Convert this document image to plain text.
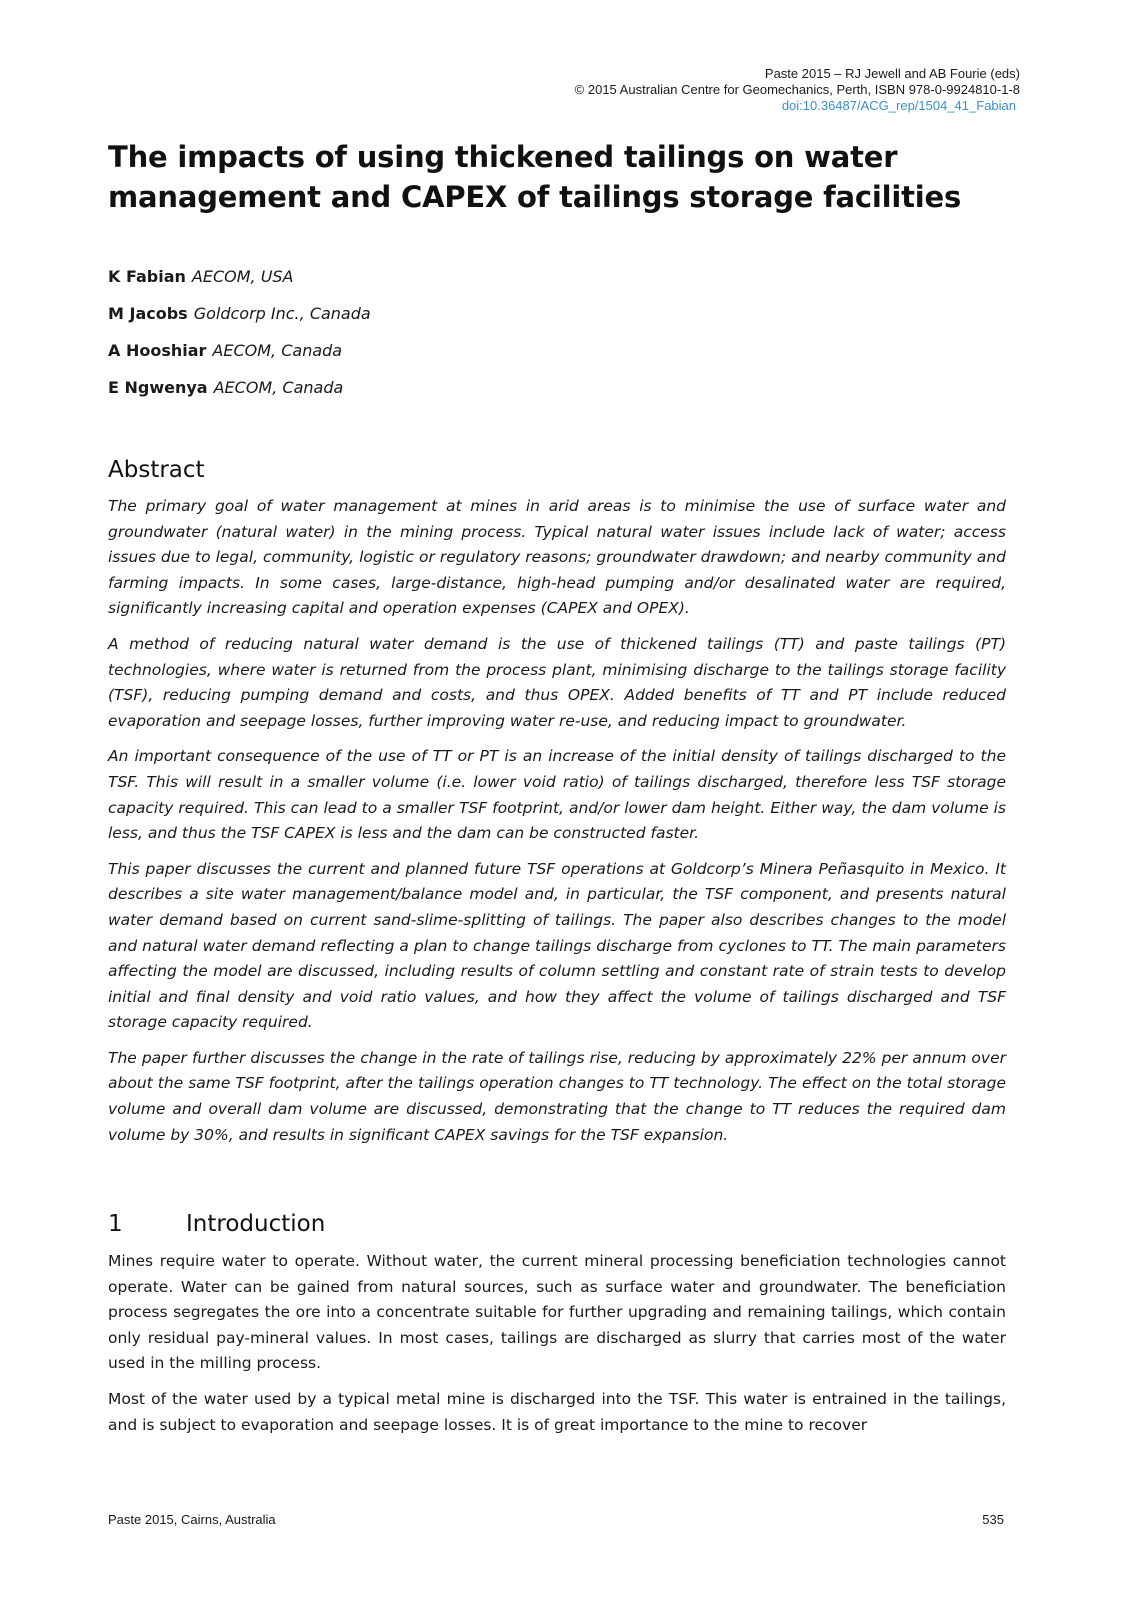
Paste 2015 – RJ Jewell and AB Fourie (eds)
© 2015 Australian Centre for Geomechanics, Perth, ISBN 978-0-9924810-1-8
doi:10.36487/ACG_rep/1504_41_Fabian
The impacts of using thickened tailings on water management and CAPEX of tailings storage facilities
K Fabian AECOM, USA
M Jacobs Goldcorp Inc., Canada
A Hooshiar AECOM, Canada
E Ngwenya AECOM, Canada
Abstract

The primary goal of water management at mines in arid areas is to minimise the use of surface water and groundwater (natural water) in the mining process. Typical natural water issues include lack of water; access issues due to legal, community, logistic or regulatory reasons; groundwater drawdown; and nearby community and farming impacts. In some cases, large-distance, high-head pumping and/or desalinated water are required, significantly increasing capital and operation expenses (CAPEX and OPEX).

A method of reducing natural water demand is the use of thickened tailings (TT) and paste tailings (PT) technologies, where water is returned from the process plant, minimising discharge to the tailings storage facility (TSF), reducing pumping demand and costs, and thus OPEX. Added benefits of TT and PT include reduced evaporation and seepage losses, further improving water re-use, and reducing impact to groundwater.

An important consequence of the use of TT or PT is an increase of the initial density of tailings discharged to the TSF. This will result in a smaller volume (i.e. lower void ratio) of tailings discharged, therefore less TSF storage capacity required. This can lead to a smaller TSF footprint, and/or lower dam height. Either way, the dam volume is less, and thus the TSF CAPEX is less and the dam can be constructed faster.

This paper discusses the current and planned future TSF operations at Goldcorp’s Minera Peñasquito in Mexico. It describes a site water management/balance model and, in particular, the TSF component, and presents natural water demand based on current sand-slime-splitting of tailings. The paper also describes changes to the model and natural water demand reflecting a plan to change tailings discharge from cyclones to TT. The main parameters affecting the model are discussed, including results of column settling and constant rate of strain tests to develop initial and final density and void ratio values, and how they affect the volume of tailings discharged and TSF storage capacity required.

The paper further discusses the change in the rate of tailings rise, reducing by approximately 22% per annum over about the same TSF footprint, after the tailings operation changes to TT technology. The effect on the total storage volume and overall dam volume are discussed, demonstrating that the change to TT reduces the required dam volume by 30%, and results in significant CAPEX savings for the TSF expansion.

1	Introduction

Mines require water to operate. Without water, the current mineral processing beneficiation technologies cannot operate. Water can be gained from natural sources, such as surface water and groundwater. The beneficiation process segregates the ore into a concentrate suitable for further upgrading and remaining tailings, which contain only residual pay-mineral values. In most cases, tailings are discharged as slurry that carries most of the water used in the milling process.

Most of the water used by a typical metal mine is discharged into the TSF. This water is entrained in the tailings, and is subject to evaporation and seepage losses. It is of great importance to the mine to recover

Paste 2015, Cairns, Australia	535
